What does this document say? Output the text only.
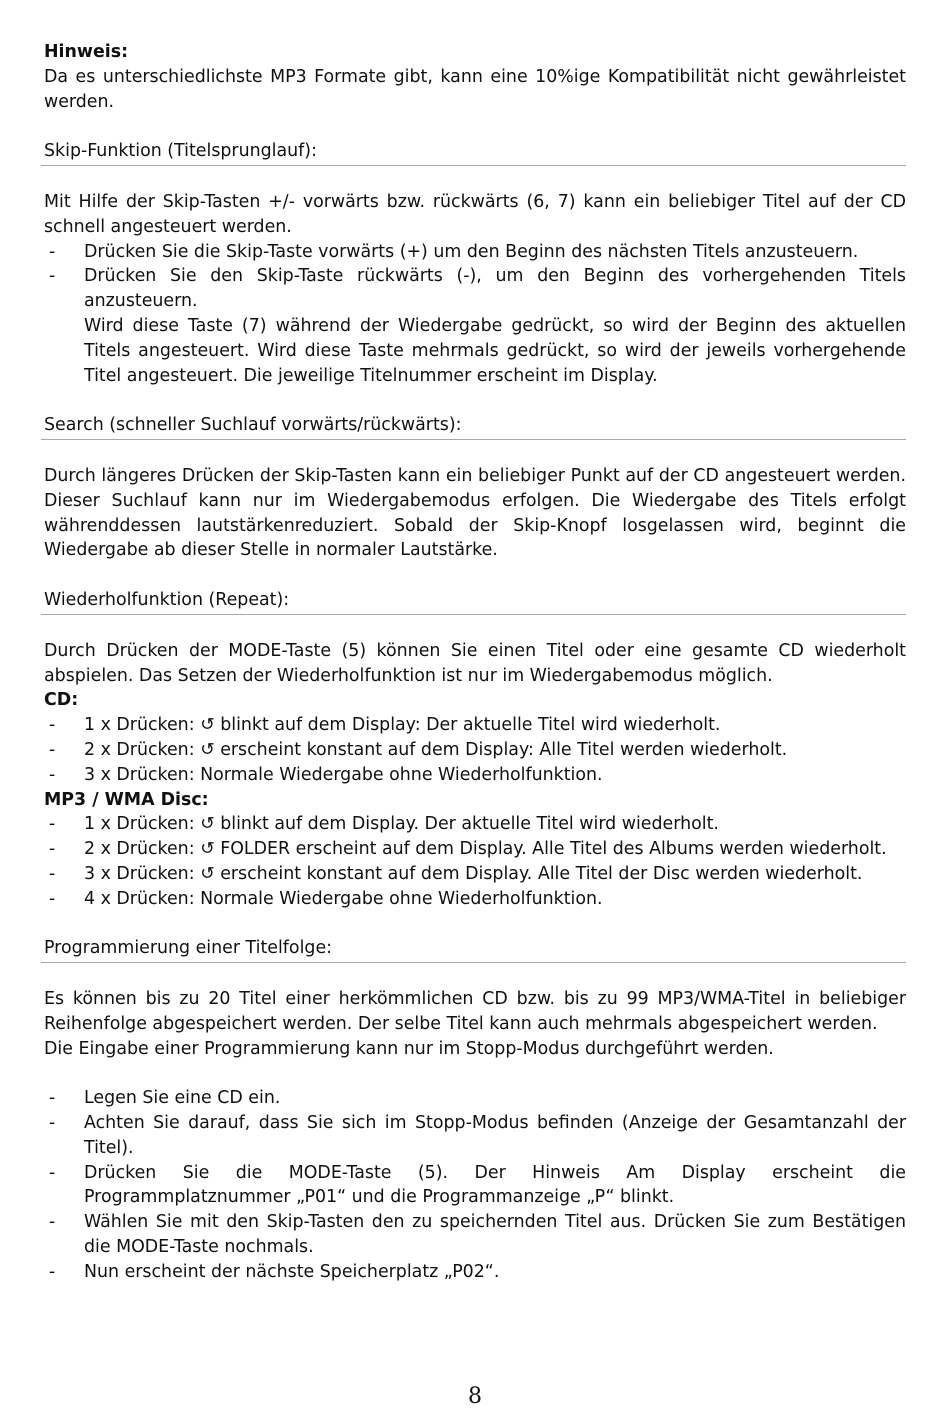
Hinweis:

Da es unterschiedlichste MP3 Formate gibt, kann eine 10%ige Kompatibilität nicht gewährleistet werden.

Skip-Funktion (Titelsprunglauf):

Mit Hilfe der Skip-Tasten +/- vorwärts bzw. rückwärts (6, 7) kann ein beliebiger Titel auf der CD schnell angesteuert werden.

- Drücken Sie die Skip-Taste vorwärts (+) um den Beginn des nächsten Titels anzusteuern.
- Drücken Sie den Skip-Taste rückwärts (-), um den Beginn des vorhergehenden Titels anzusteuern.

Wird diese Taste (7) während der Wiedergabe gedrückt, so wird der Beginn des aktuellen Titels angesteuert. Wird diese Taste mehrmals gedrückt, so wird der jeweils vorhergehende Titel angesteuert. Die jeweilige Titelnummer erscheint im Display.

Search (schneller Suchlauf vorwärts/rückwärts):

Durch längeres Drücken der Skip-Tasten kann ein beliebiger Punkt auf der CD angesteuert werden. Dieser Suchlauf kann nur im Wiedergabemodus erfolgen. Die Wiedergabe des Titels erfolgt währenddessen lautstärkenreduziert. Sobald der Skip-Knopf losgelassen wird, beginnt die Wiedergabe ab dieser Stelle in normaler Lautstärke.

Wiederholfunktion (Repeat):

Durch Drücken der MODE-Taste (5) können Sie einen Titel oder eine gesamte CD wiederholt abspielen. Das Setzen der Wiederholfunktion ist nur im Wiedergabemodus möglich.

CD:

- 1 x Drücken: ↺ blinkt auf dem Display: Der aktuelle Titel wird wiederholt.
- 2 x Drücken: ↺ erscheint konstant auf dem Display: Alle Titel werden wiederholt.
- 3 x Drücken: Normale Wiedergabe ohne Wiederholfunktion.

MP3 / WMA Disc:

- 1 x Drücken: ↺ blinkt auf dem Display. Der aktuelle Titel wird wiederholt.
- 2 x Drücken: ↺ FOLDER erscheint auf dem Display. Alle Titel des Albums werden wiederholt.
- 3 x Drücken: ↺ erscheint konstant auf dem Display. Alle Titel der Disc werden wiederholt.
- 4 x Drücken: Normale Wiedergabe ohne Wiederholfunktion.

Programmierung einer Titelfolge:

Es können bis zu 20 Titel einer herkömmlichen CD bzw. bis zu 99 MP3/WMA-Titel in beliebiger Reihenfolge abgespeichert werden. Der selbe Titel kann auch mehrmals abgespeichert werden.

Die Eingabe einer Programmierung kann nur im Stopp-Modus durchgeführt werden.

- Legen Sie eine CD ein.
- Achten Sie darauf, dass Sie sich im Stopp-Modus befinden (Anzeige der Gesamtanzahl der Titel).
- Drücken Sie die MODE-Taste (5). Der Hinweis Am Display erscheint die Programmplatznummer „P01“ und die Programmanzeige „P“ blinkt.
- Wählen Sie mit den Skip-Tasten den zu speichernden Titel aus. Drücken Sie zum Bestätigen die MODE-Taste nochmals.
- Nun erscheint der nächste Speicherplatz „P02“.
8
